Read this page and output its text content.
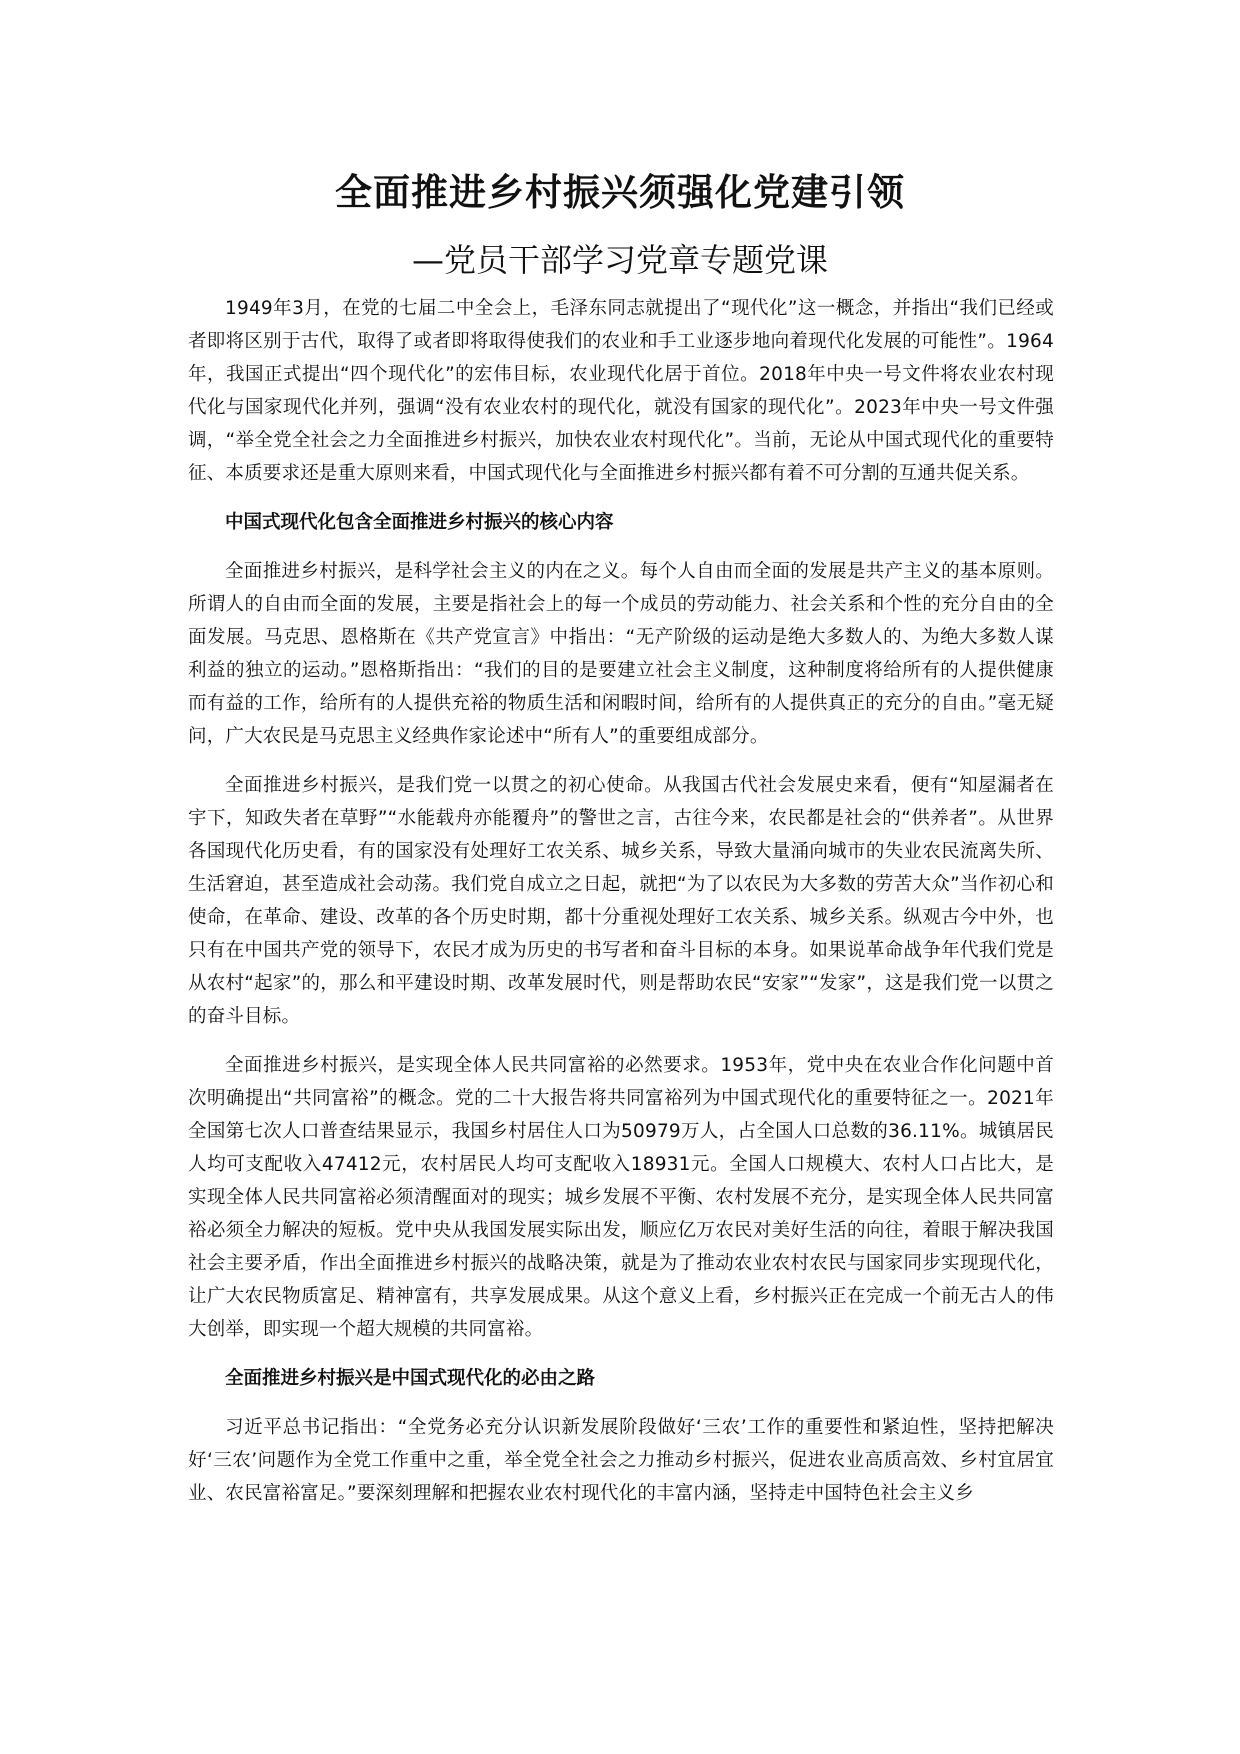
全面推进乡村振兴须强化党建引领
—党员干部学习党章专题党课

1949年3月，在党的七届二中全会上，毛泽东同志就提出了“现代化”这一概念，并指出“我们已经或者即将区别于古代，取得了或者即将取得使我们的农业和手工业逐步地向着现代化发展的可能性”。1964年，我国正式提出“四个现代化”的宏伟目标，农业现代化居于首位。2018年中央一号文件将农业农村现代化与国家现代化并列，强调“没有农业农村的现代化，就没有国家的现代化”。2023年中央一号文件强调，“举全党全社会之力全面推进乡村振兴，加快农业农村现代化”。当前，无论从中国式现代化的重要特征、本质要求还是重大原则来看，中国式现代化与全面推进乡村振兴都有着不可分割的互通共促关系。

中国式现代化包含全面推进乡村振兴的核心内容

全面推进乡村振兴，是科学社会主义的内在之义。每个人自由而全面的发展是共产主义的基本原则。所谓人的自由而全面的发展，主要是指社会上的每一个成员的劳动能力、社会关系和个性的充分自由的全面发展。马克思、恩格斯在《共产党宣言》中指出：“无产阶级的运动是绝大多数人的、为绝大多数人谋利益的独立的运动。”恩格斯指出：“我们的目的是要建立社会主义制度，这种制度将给所有的人提供健康而有益的工作，给所有的人提供充裕的物质生活和闲暇时间，给所有的人提供真正的充分的自由。”毫无疑问，广大农民是马克思主义经典作家论述中“所有人”的重要组成部分。

全面推进乡村振兴，是我们党一以贯之的初心使命。从我国古代社会发展史来看，便有“知屋漏者在宇下，知政失者在草野”“水能载舟亦能覆舟”的警世之言，古往今来，农民都是社会的“供养者”。从世界各国现代化历史看，有的国家没有处理好工农关系、城乡关系，导致大量涌向城市的失业农民流离失所、生活窘迫，甚至造成社会动荡。我们党自成立之日起，就把“为了以农民为大多数的劳苦大众”当作初心和使命，在革命、建设、改革的各个历史时期，都十分重视处理好工农关系、城乡关系。纵观古今中外，也只有在中国共产党的领导下，农民才成为历史的书写者和奋斗目标的本身。如果说革命战争年代我们党是从农村“起家”的，那么和平建设时期、改革发展时代，则是帮助农民“安家”“发家”，这是我们党一以贯之的奋斗目标。

全面推进乡村振兴，是实现全体人民共同富裕的必然要求。1953年，党中央在农业合作化问题中首次明确提出“共同富裕”的概念。党的二十大报告将共同富裕列为中国式现代化的重要特征之一。2021年全国第七次人口普查结果显示，我国乡村居住人口为50979万人，占全国人口总数的36.11%。城镇居民人均可支配收入47412元，农村居民人均可支配收入18931元。全国人口规模大、农村人口占比大，是实现全体人民共同富裕必须清醒面对的现实；城乡发展不平衡、农村发展不充分，是实现全体人民共同富裕必须全力解决的短板。党中央从我国发展实际出发，顺应亿万农民对美好生活的向往，着眼于解决我国社会主要矛盾，作出全面推进乡村振兴的战略决策，就是为了推动农业农村农民与国家同步实现现代化，让广大农民物质富足、精神富有，共享发展成果。从这个意义上看，乡村振兴正在完成一个前无古人的伟大创举，即实现一个超大规模的共同富裕。

全面推进乡村振兴是中国式现代化的必由之路

习近平总书记指出：“全党务必充分认识新发展阶段做好‘三农’工作的重要性和紧迫性，坚持把解决好‘三农’问题作为全党工作重中之重，举全党全社会之力推动乡村振兴，促进农业高质高效、乡村宜居宜业、农民富裕富足。”要深刻理解和把握农业农村现代化的丰富内涵，坚持走中国特色社会主义乡
